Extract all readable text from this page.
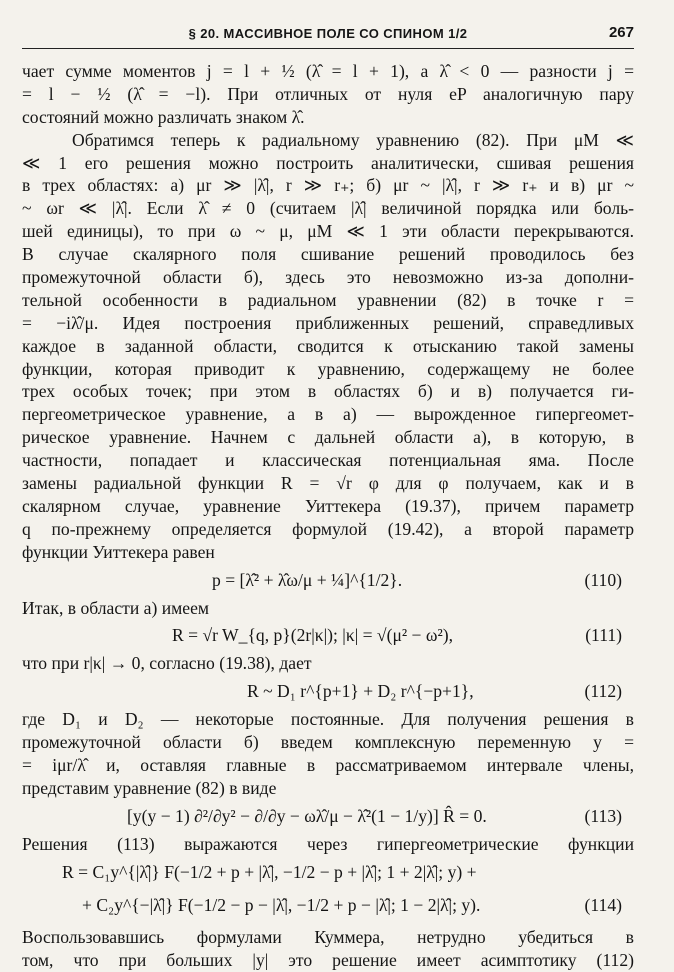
§ 20. МАССИВНОЕ ПОЛЕ СО СПИНОМ 1/2	267
чает сумме моментов j = l + ½ (λ̂ = l + 1), а λ̂ < 0 — разности j =
= l − ½ (λ̂ = −l). При отличных от нуля eP аналогичную пару
состояний можно различать знаком λ̂.
Обратимся теперь к радиальному уравнению (82). При μM ≪
≪ 1 его решения можно построить аналитически, сшивая решения
в трех областях: а) μr ≫ |λ̂|, r ≫ r₊; б) μr ~ |λ̂|, r ≫ r₊ и в) μr ~
~ ωr ≪ |λ̂|. Если λ̂ ≠ 0 (считаем |λ̂| величиной порядка или боль-
шей единицы), то при ω ~ μ, μM ≪ 1 эти области перекрываются.
В случае скалярного поля сшивание решений проводилось без
промежуточной области б), здесь это невозможно из-за дополни-
тельной особенности в радиальном уравнении (82) в точке r =
= −iλ̂/μ. Идея построения приближенных решений, справедливых
каждое в заданной области, сводится к отысканию такой замены
функции, которая приводит к уравнению, содержащему не более
трех особых точек; при этом в областях б) и в) получается ги-
пергеометрическое уравнение, а в а) — вырожденное гипергеомет-
рическое уравнение. Начнем с дальней области а), в которую, в
частности, попадает и классическая потенциальная яма. После
замены радиальной функции R = √r φ для φ получаем, как и в
скалярном случае, уравнение Уиттекера (19.37), причем параметр
q по-прежнему определяется формулой (19.42), а второй параметр
функции Уиттекера равен
p = [λ̂² + λ̂ω/μ + ¼]^{1/2}.	(110)
Итак, в области а) имеем
R = √r W_{q, p}(2r|κ|); |κ| = √(μ² − ω²),	(111)
что при r|κ| → 0, согласно (19.38), дает
R ~ D₁ r^{p+1} + D₂ r^{−p+1},	(112)
где D₁ и D₂ — некоторые постоянные. Для получения решения в
промежуточной области б) введем комплексную переменную y =
= iμr/λ̂ и, оставляя главные в рассматриваемом интервале члены,
представим уравнение (82) в виде
[y(y − 1) ∂²/∂y² − ∂/∂y − ωλ̂/μ − λ̂²(1 − 1/y)] R̂ = 0.	(113)
Решения (113) выражаются через гипергеометрические функции
R = C₁y^{|λ̂|} F(−1/2 + p + |λ̂|, −1/2 − p + |λ̂|; 1 + 2|λ̂|; y) +
+ C₂y^{−|λ̂|} F(−1/2 − p − |λ̂|, −1/2 + p − |λ̂|; 1 − 2|λ̂|; y).	(114)
Воспользовавшись формулами Куммера, нетрудно убедиться в
том, что при больших |y| это решение имеет асимптотику (112)
